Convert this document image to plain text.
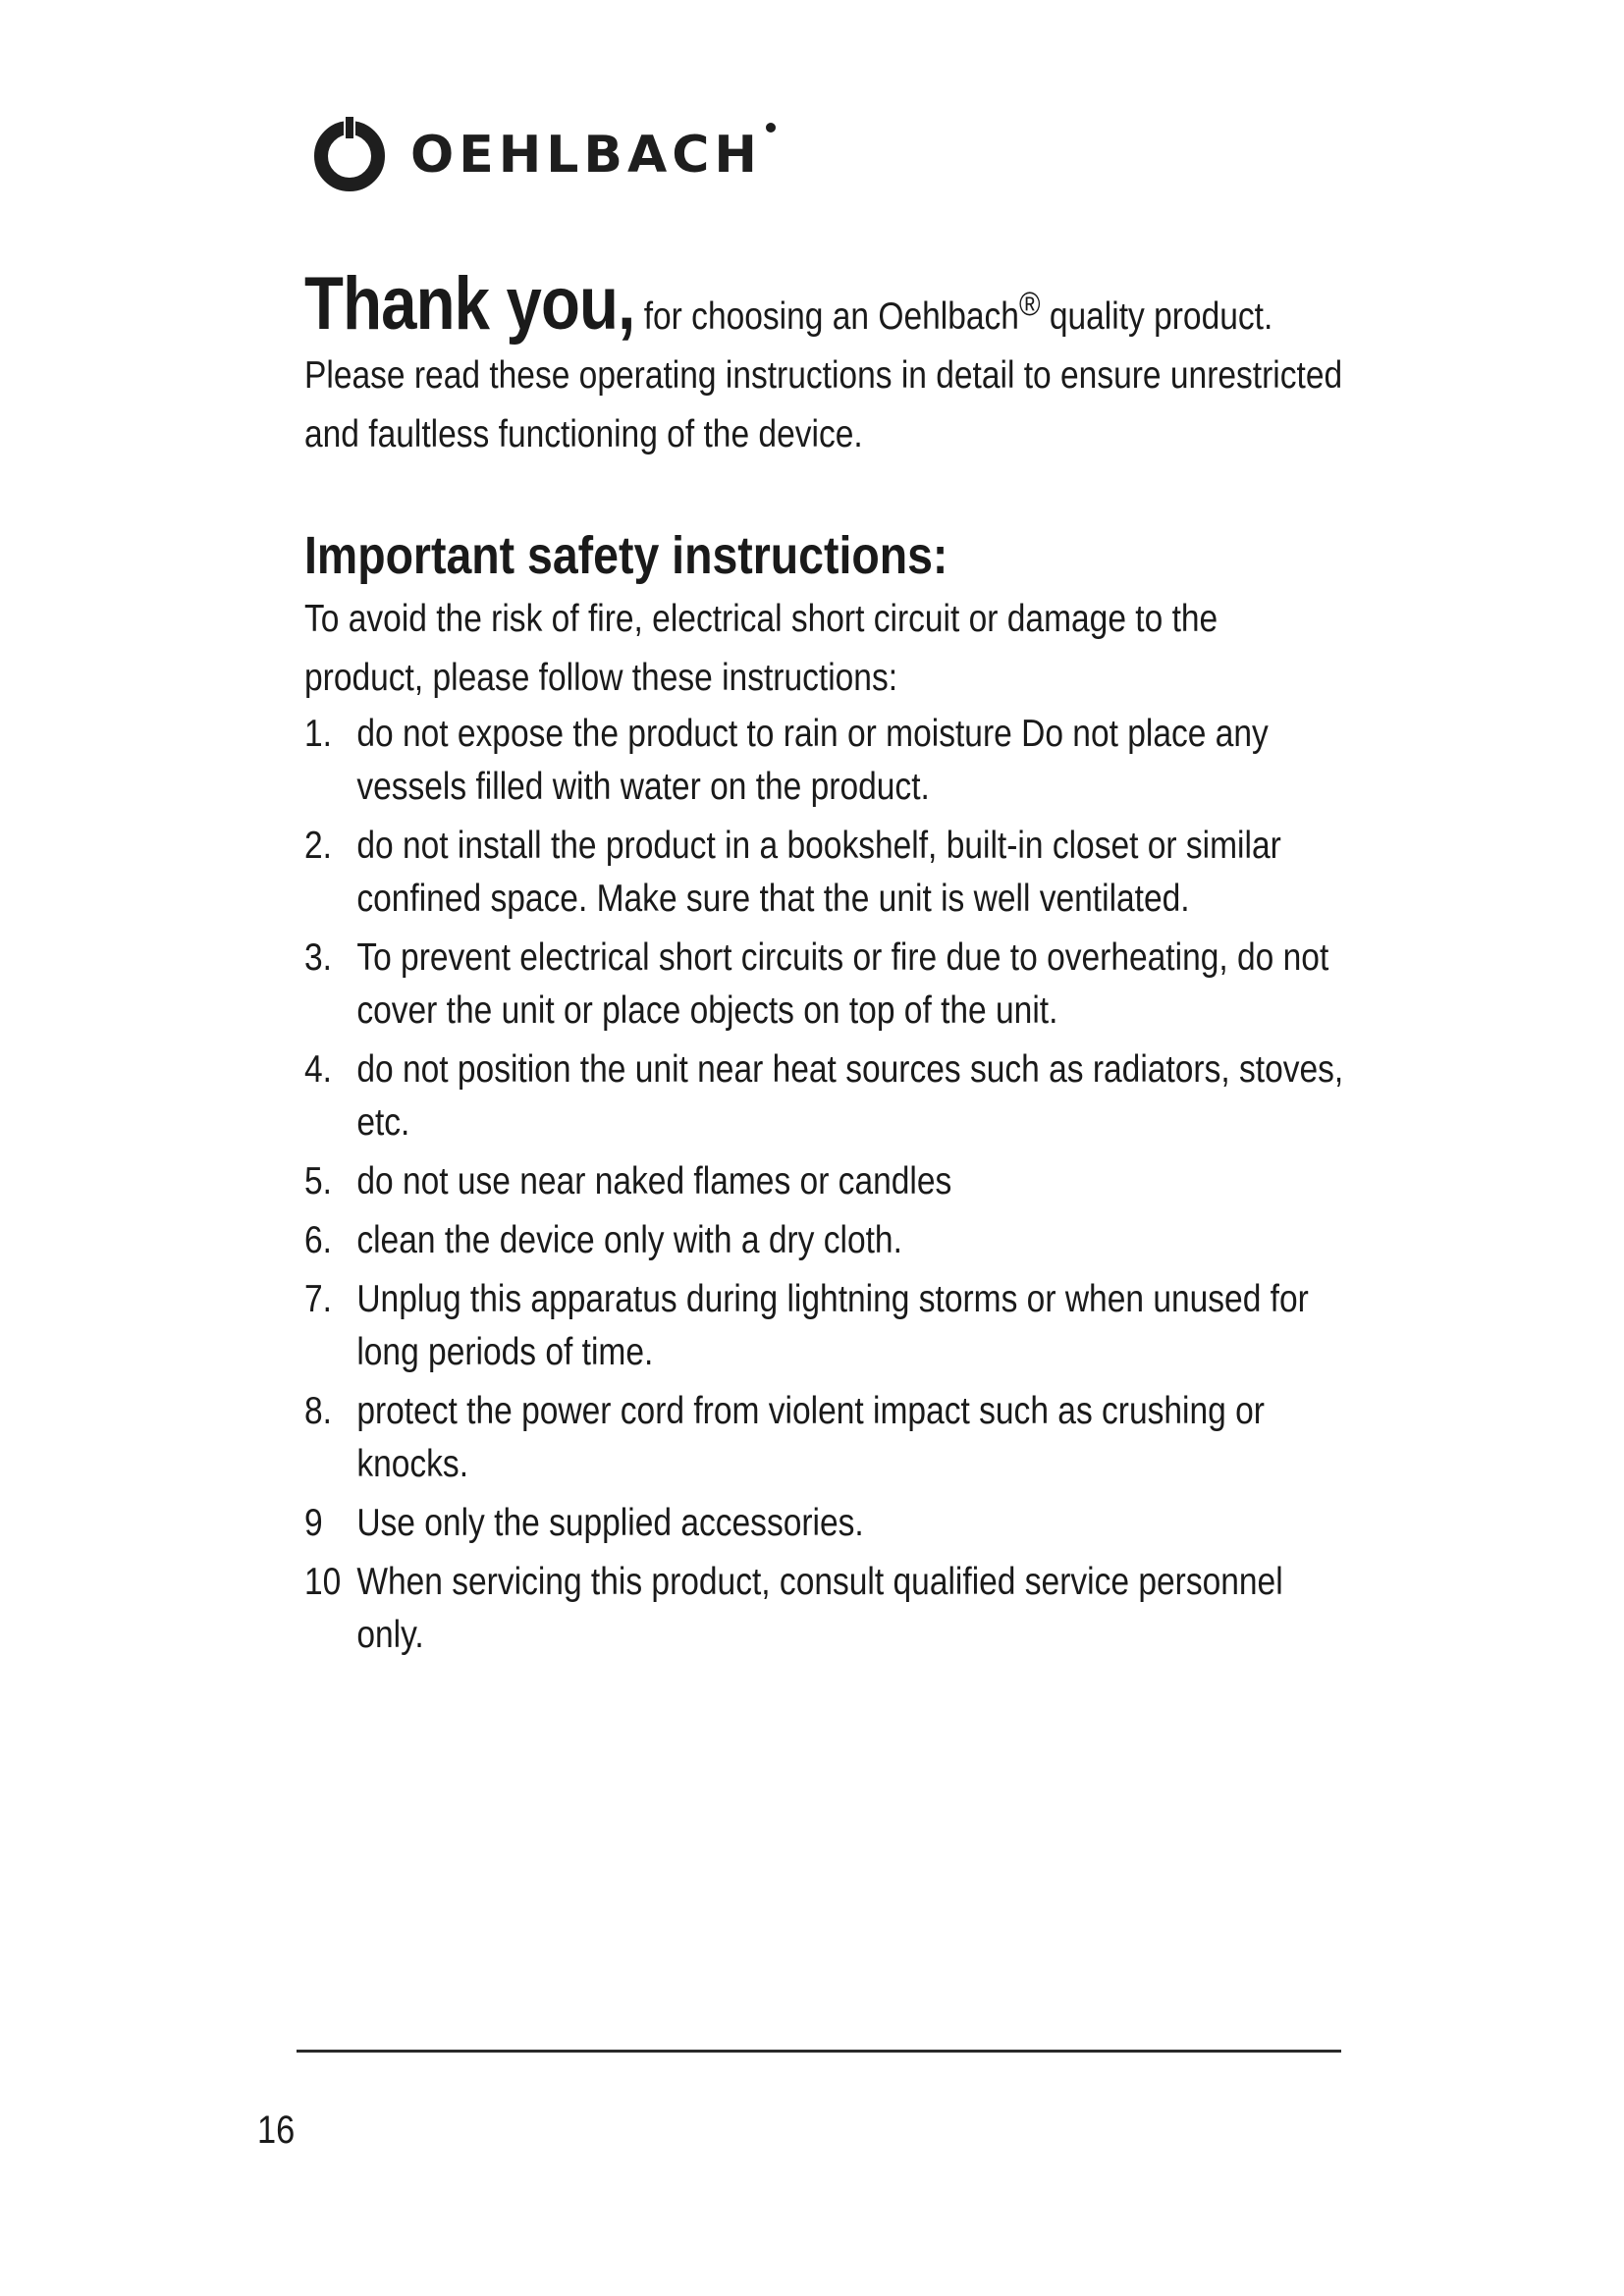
OEHLBACH

Thank you, for choosing an Oehlbach® quality product. Please read these operating instructions in detail to ensure unrestricted and faultless functioning of the device.

Important safety instructions:

To avoid the risk of fire, electrical short circuit or damage to the product, please follow these instructions:

1. do not expose the product to rain or moisture Do not place any vessels filled with water on the product.
2. do not install the product in a bookshelf, built-in closet or similar confined space. Make sure that the unit is well ventilated.
3. To prevent electrical short circuits or fire due to overheating, do not cover the unit or place objects on top of the unit.
4. do not position the unit near heat sources such as radiators, stoves, etc.
5. do not use near naked flames or candles
6. clean the device only with a dry cloth.
7. Unplug this apparatus during lightning storms or when unused for long periods of time.
8. protect the power cord from violent impact such as crushing or knocks.
9 Use only the supplied accessories.
10 When servicing this product, consult qualified service personnel only.
16
